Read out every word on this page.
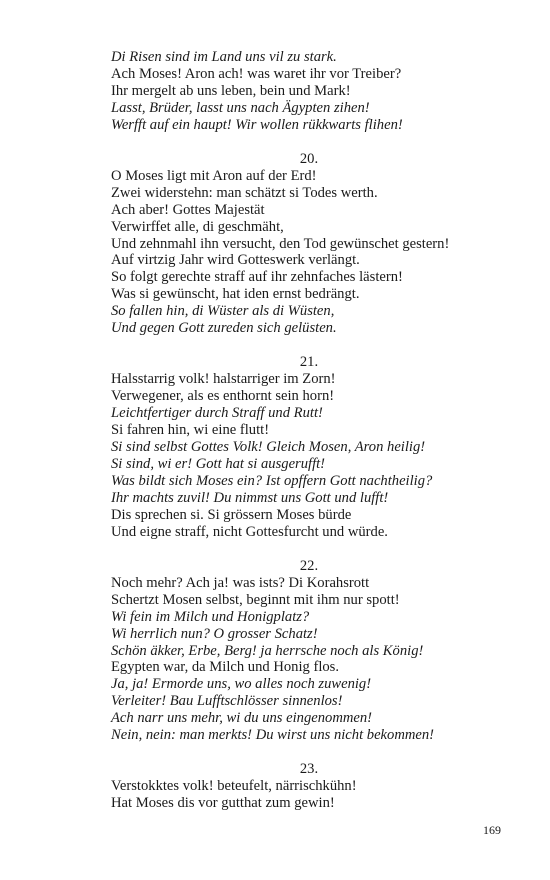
Di Risen sind im Land uns vil zu stark.
Ach Moses! Aron ach! was waret ihr vor Treiber?
Ihr mergelt ab uns leben, bein und Mark!
Lasst, Brüder, lasst uns nach Ägypten zihen!
Werfft auf ein haupt! Wir wollen rükkwarts flihen!
20.
O Moses ligt mit Aron auf der Erd!
Zwei widerstehn: man schätzt si Todes werth.
Ach aber! Gottes Majestät
Verwirffet alle, di geschmäht,
Und zehnmahl ihn versucht, den Tod gewünschet gestern!
Auf virtzig Jahr wird Gotteswerk verlängt.
So folgt gerechte straff auf ihr zehnfaches lästern!
Was si gewünscht, hat iden ernst bedrängt.
So fallen hin, di Wüster als di Wüsten,
Und gegen Gott zureden sich gelüsten.
21.
Halsstarrig volk! halstarriger im Zorn!
Verwegener, als es enthornt sein horn!
Leichtfertiger durch Straff und Rutt!
Si fahren hin, wi eine flutt!
Si sind selbst Gottes Volk! Gleich Mosen, Aron heilig!
Si sind, wi er! Gott hat si ausgerufft!
Was bildt sich Moses ein? Ist opffern Gott nachtheilig?
Ihr machts zuvil! Du nimmst uns Gott und lufft!
Dis sprechen si. Si grössern Moses bürde
Und eigne straff, nicht Gottesfurcht und würde.
22.
Noch mehr? Ach ja! was ists? Di Korahsrott
Schertzt Mosen selbst, beginnt mit ihm nur spott!
Wi fein im Milch und Honigplatz?
Wi herrlich nun? O grosser Schatz!
Schön äkker, Erbe, Berg! ja herrsche noch als König!
Egypten war, da Milch und Honig flos.
Ja, ja! Ermorde uns, wo alles noch zuwenig!
Verleiter! Bau Lufftschlösser sinnenlos!
Ach narr uns mehr, wi du uns eingenommen!
Nein, nein: man merkts! Du wirst uns nicht bekommen!
23.
Verstokktes volk! beteufelt, närrischkühn!
Hat Moses dis vor gutthat zum gewin!
169
